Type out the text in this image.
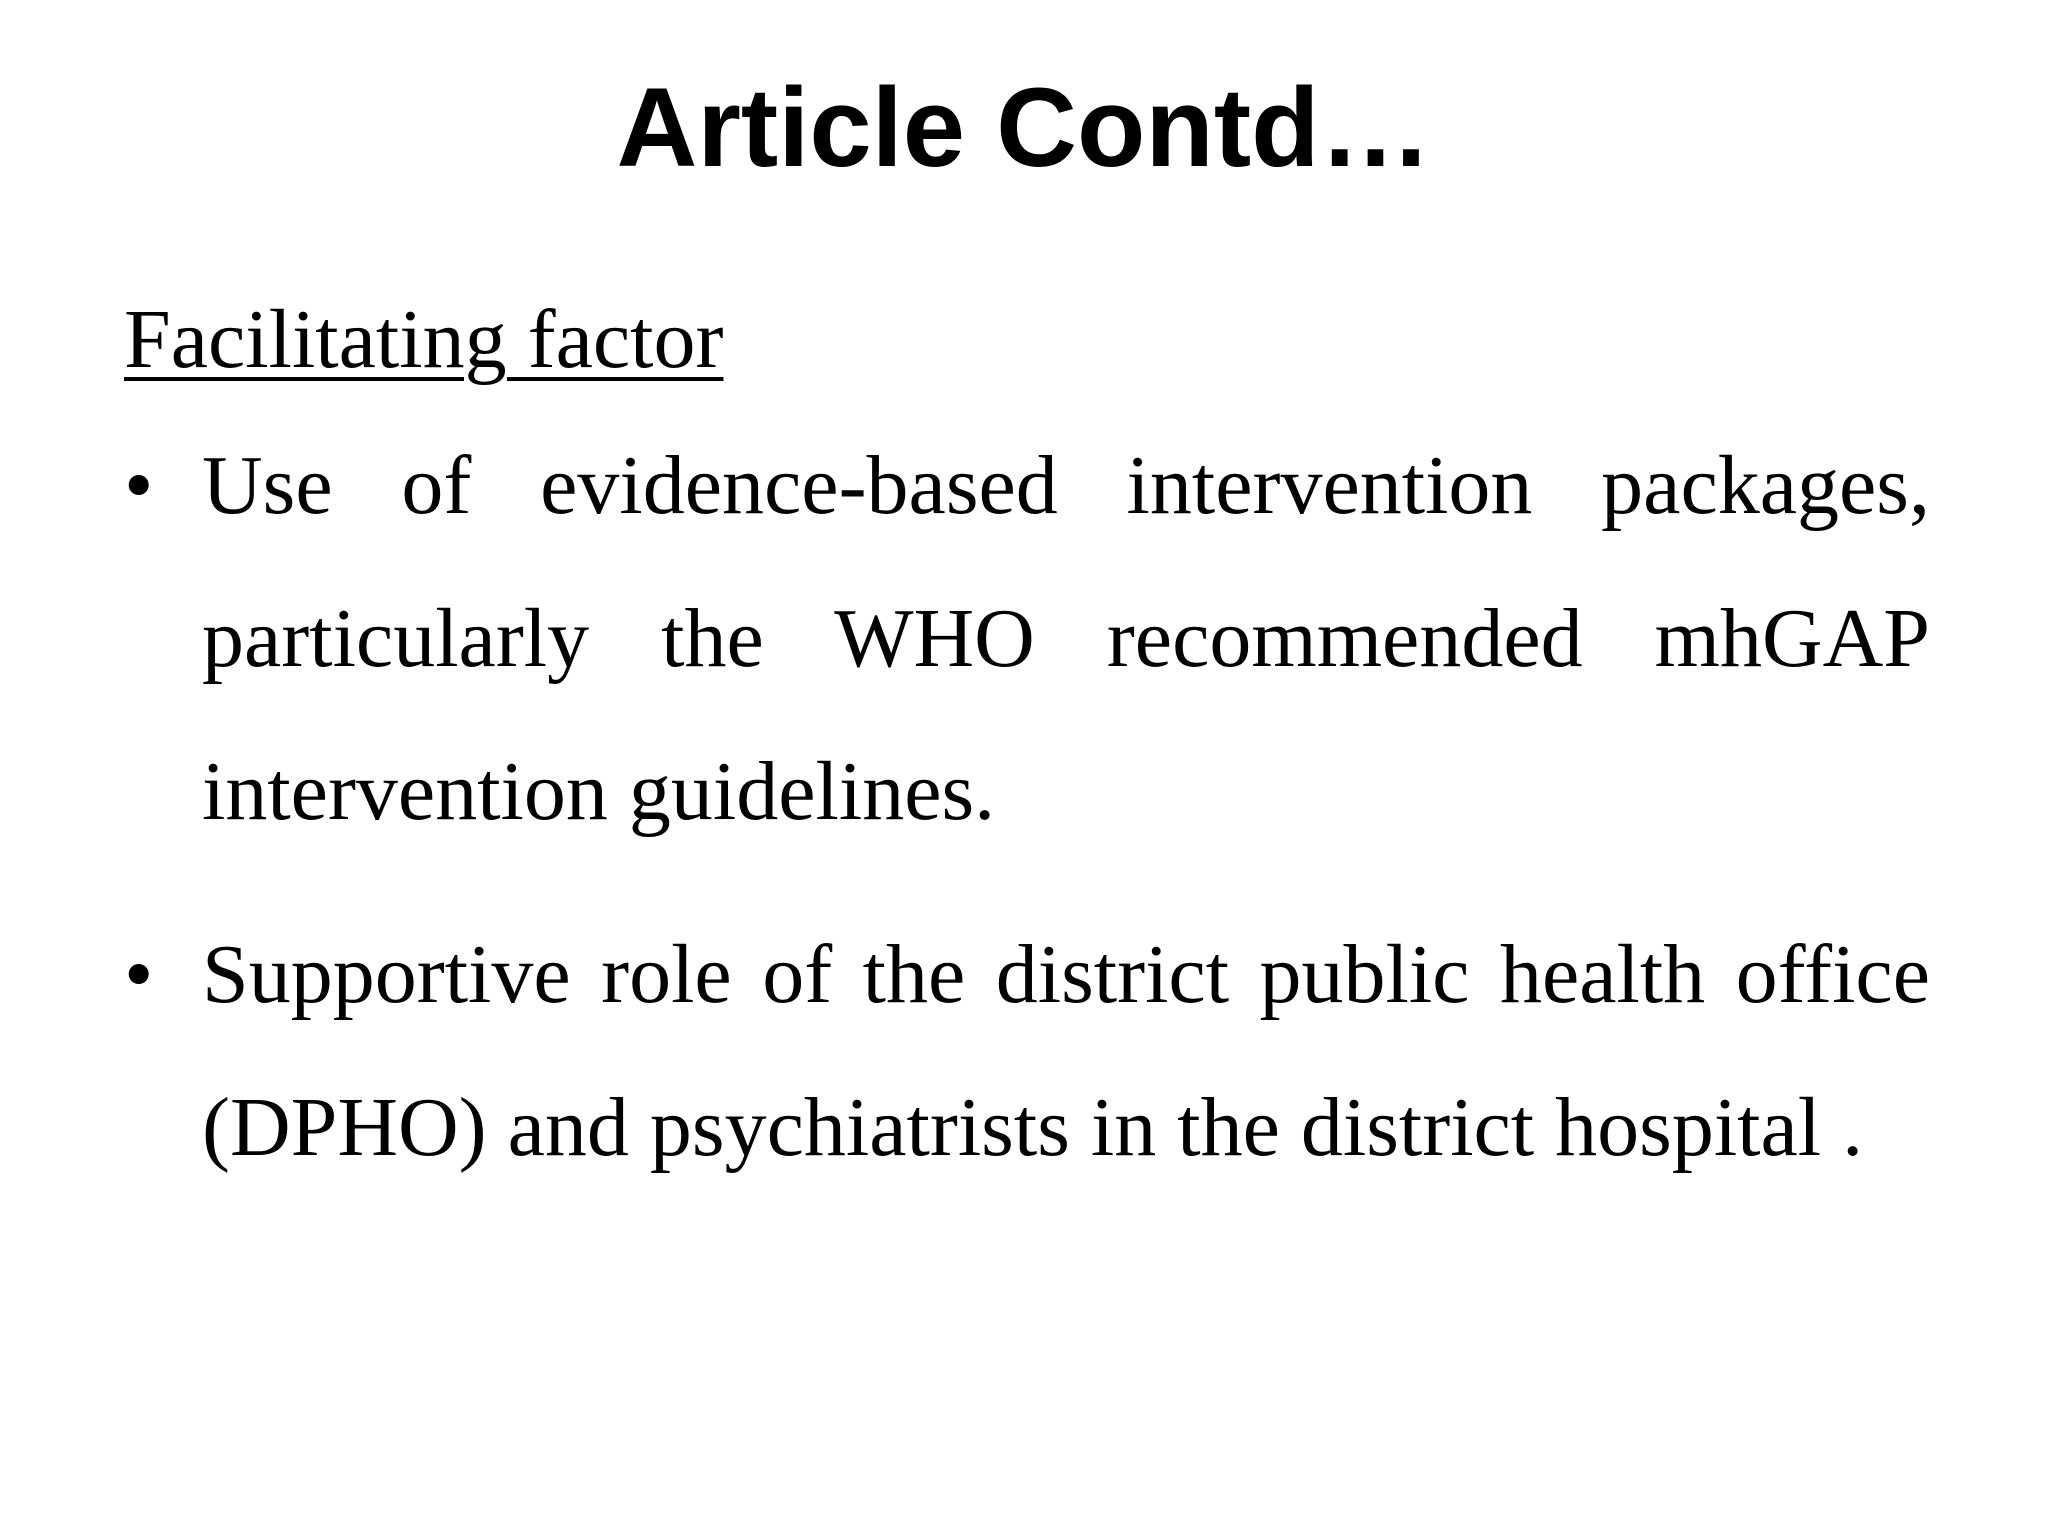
Article Contd…

Facilitating factor

• Use of evidence-based intervention packages, particularly the WHO recommended mhGAP intervention guidelines.
• Supportive role of the district public health office (DPHO) and psychiatrists in the district hospital .
